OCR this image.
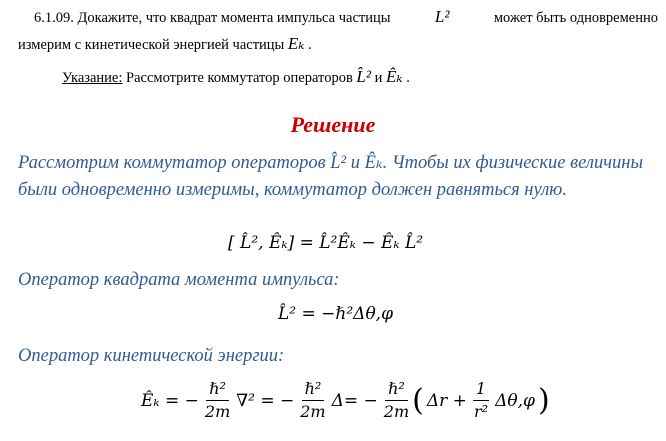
6.1.09. Докажите, что квадрат момента импульса частицы	L²	может быть одновременно
измерим с кинетической энергией частицы Eₖ .
Указание: Рассмотрите коммутатор операторов L̂² и Êₖ .
Решение
Рассмотрим коммутатор операторов L̂² и Êₖ. Чтобы их физические величины были одновременно измеримы, коммутатор должен равняться нулю.
[ L̂², Êₖ] = L̂²Êₖ − Êₖ L̂²
Оператор квадрата момента импульса:
L̂² = −ℏ²Δθ,φ
Оператор кинетической энергии:
Êₖ = − $\frac{\text{ℏ²}}{2m} \nabla^2$ = − $\frac{\text{ℏ²}}{2m} \Delta= - \frac{\text{ℏ²}}{2m}$ ( $\Delta r + \frac{1}{\text{r²}} \Delta\theta,\varphi$ )
